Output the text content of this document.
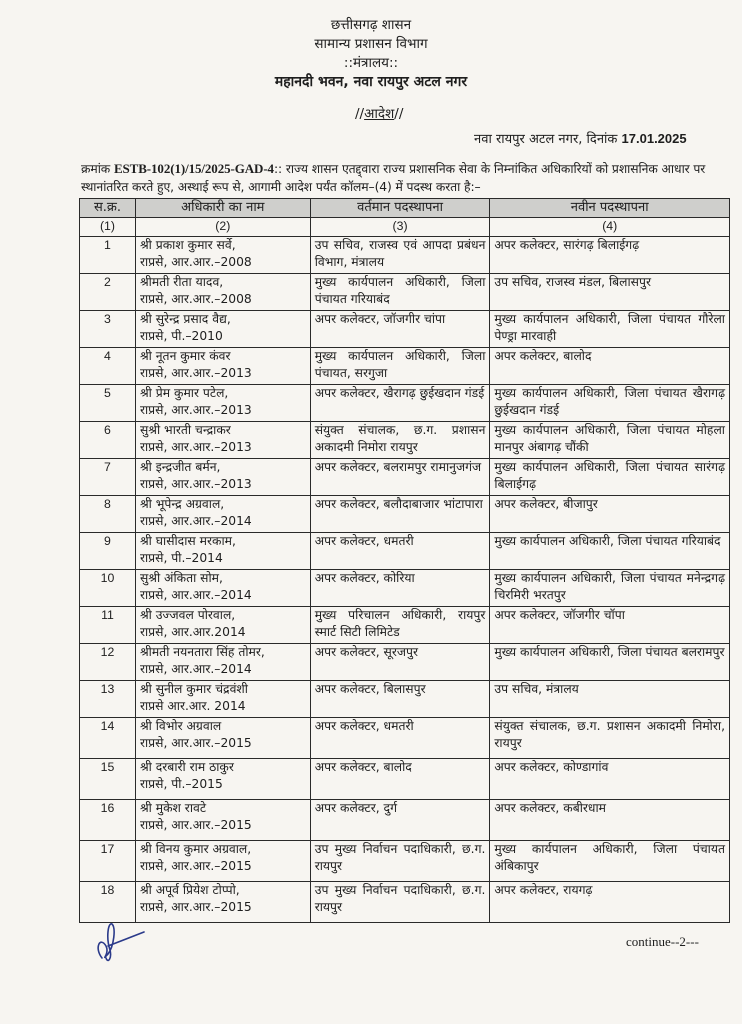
छत्तीसगढ़ शासन
सामान्य प्रशासन विभाग
::मंत्रालय::
महानदी भवन, नवा रायपुर अटल नगर
//आदेश//
नवा रायपुर अटल नगर, दिनांक 17.01.2025
क्रमांक ESTB-102(1)/15/2025-GAD-4:: राज्य शासन एतद्द्वारा राज्य प्रशासनिक सेवा के निम्नांकित अधिकारियों को प्रशासनिक आधार पर स्थानांतरित करते हुए, अस्थाई रूप से, आगामी आदेश पर्यंत कॉलम–(4) में पदस्थ करता है:–
स.क्र.	अधिकारी का नाम	वर्तमान पदस्थापना	नवीन पदस्थापना
(1)	(2)	(3)	(4)
1	श्री प्रकाश कुमार सर्वे,
राप्रसे, आर.आर.–2008	उप सचिव, राजस्व एवं आपदा प्रबंधन विभाग, मंत्रालय	अपर कलेक्टर, सारंगढ़ बिलाईगढ़
2	श्रीमती रीता यादव,
राप्रसे, आर.आर.–2008	मुख्य कार्यपालन अधिकारी, जिला पंचायत गरियाबंद	उप सचिव, राजस्व मंडल, बिलासपुर
3	श्री सुरेन्द्र प्रसाद वैद्य,
राप्रसे, पी.–2010	अपर कलेक्टर, जॉजगीर चांपा	मुख्य कार्यपालन अधिकारी, जिला पंचायत गौरेला पेण्ड्रा मारवाही
4	श्री नूतन कुमार कंवर
राप्रसे, आर.आर.–2013	मुख्य कार्यपालन अधिकारी, जिला पंचायत, सरगुजा	अपर कलेक्टर, बालोद
5	श्री प्रेम कुमार पटेल,
राप्रसे, आर.आर.–2013	अपर कलेक्टर, खैरागढ़ छुईखदान गंडई	मुख्य कार्यपालन अधिकारी, जिला पंचायत खैरागढ़ छुईखदान गंडई
6	सुश्री भारती चन्द्राकर
राप्रसे, आर.आर.–2013	संयुक्त संचालक, छ.ग. प्रशासन अकादमी निमोरा रायपुर	मुख्य कार्यपालन अधिकारी, जिला पंचायत मोहला मानपुर अंबागढ़ चौंकी
7	श्री इन्द्रजीत बर्मन,
राप्रसे, आर.आर.–2013	अपर कलेक्टर, बलरामपुर रामानुजगंज	मुख्य कार्यपालन अधिकारी, जिला पंचायत सारंगढ़ बिलाईगढ़
8	श्री भूपेन्द्र अग्रवाल,
राप्रसे, आर.आर.–2014	अपर कलेक्टर, बलौदाबाजार भांटापारा	अपर कलेक्टर, बीजापुर
9	श्री घासीदास मरकाम,
राप्रसे, पी.–2014	अपर कलेक्टर, धमतरी	मुख्य कार्यपालन अधिकारी, जिला पंचायत गरियाबंद
10	सुश्री अंकिता सोम,
राप्रसे, आर.आर.–2014	अपर कलेक्टर, कोरिया	मुख्य कार्यपालन अधिकारी, जिला पंचायत मनेन्द्रगढ़ चिरमिरी भरतपुर
11	श्री उज्जवल पोरवाल,
राप्रसे, आर.आर.2014	मुख्य परिचालन अधिकारी, रायपुर स्मार्ट सिटी लिमिटेड	अपर कलेक्टर, जॉजगीर चॉपा
12	श्रीमती नयनतारा सिंह तोमर,
राप्रसे, आर.आर.–2014	अपर कलेक्टर, सूरजपुर	मुख्य कार्यपालन अधिकारी, जिला पंचायत बलरामपुर
13	श्री सुनील कुमार चंद्रवंशी
राप्रसे आर.आर. 2014	अपर कलेक्टर, बिलासपुर	उप सचिव, मंत्रालय
14	श्री विभोर अग्रवाल
राप्रसे, आर.आर.–2015	अपर कलेक्टर, धमतरी	संयुक्त संचालक, छ.ग. प्रशासन अकादमी निमोरा, रायपुर
15	श्री दरबारी राम ठाकुर
राप्रसे, पी.–2015	अपर कलेक्टर, बालोद	अपर कलेक्टर, कोण्डागांव
16	श्री मुकेश रावटे
राप्रसे, आर.आर.–2015	अपर कलेक्टर, दुर्ग	अपर कलेक्टर, कबीरधाम
17	श्री विनय कुमार अग्रवाल,
राप्रसे, आर.आर.–2015	उप मुख्य निर्वाचन पदाधिकारी, छ.ग. रायपुर	मुख्य कार्यपालन अधिकारी, जिला पंचायत अंबिकापुर
18	श्री अपूर्व प्रियेश टोप्पो,
राप्रसे, आर.आर.–2015	उप मुख्य निर्वाचन पदाधिकारी, छ.ग. रायपुर	अपर कलेक्टर, रायगढ़
continue--2---
